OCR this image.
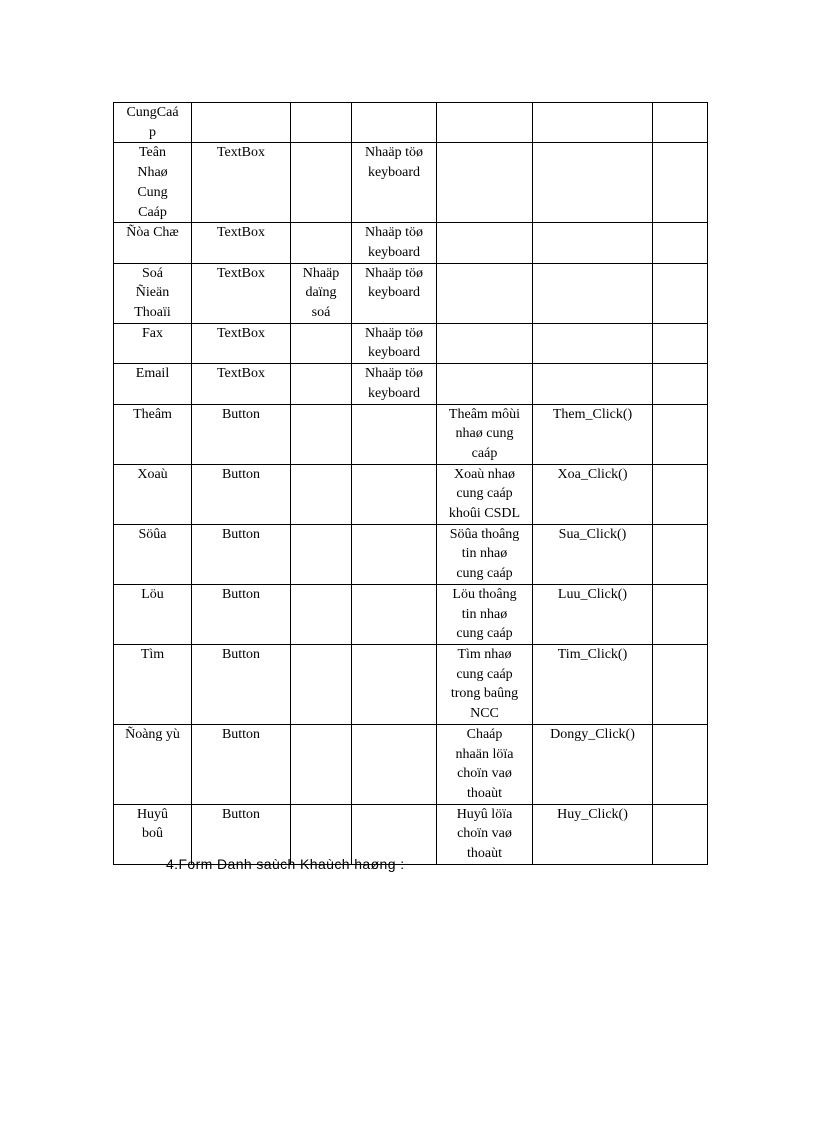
CungCaá
p						

Teân
Nhaø
Cung
Caáp	TextBox		Nhaäp töø
keyboard			

Ñòa Chæ	TextBox		Nhaäp töø
keyboard			

Soá
Ñieän
Thoaïi	TextBox	Nhaäp
daïng
soá	Nhaäp töø
keyboard			

Fax	TextBox		Nhaäp töø
keyboard			

Email	TextBox		Nhaäp töø
keyboard			

Theâm	Button			Theâm môùi
nhaø cung
caáp	Them_Click()	

Xoaù	Button			Xoaù nhaø
cung caáp
khoûi CSDL	Xoa_Click()	

Söûa	Button			Söûa thoâng
tin nhaø
cung caáp	Sua_Click()	

Löu	Button			Löu thoâng
tin nhaø
cung caáp	Luu_Click()	

Tìm	Button			Tìm nhaø
cung caáp
trong baûng
NCC	Tim_Click()	

Ñoàng yù	Button			Chaáp
nhaän löïa
choïn vaø
thoaùt	Dongy_Click()	

Huyû
boû	Button			Huyû löïa
choïn vaø
thoaùt	Huy_Click()	

4.Form Danh saùch Khaùch haøng :
